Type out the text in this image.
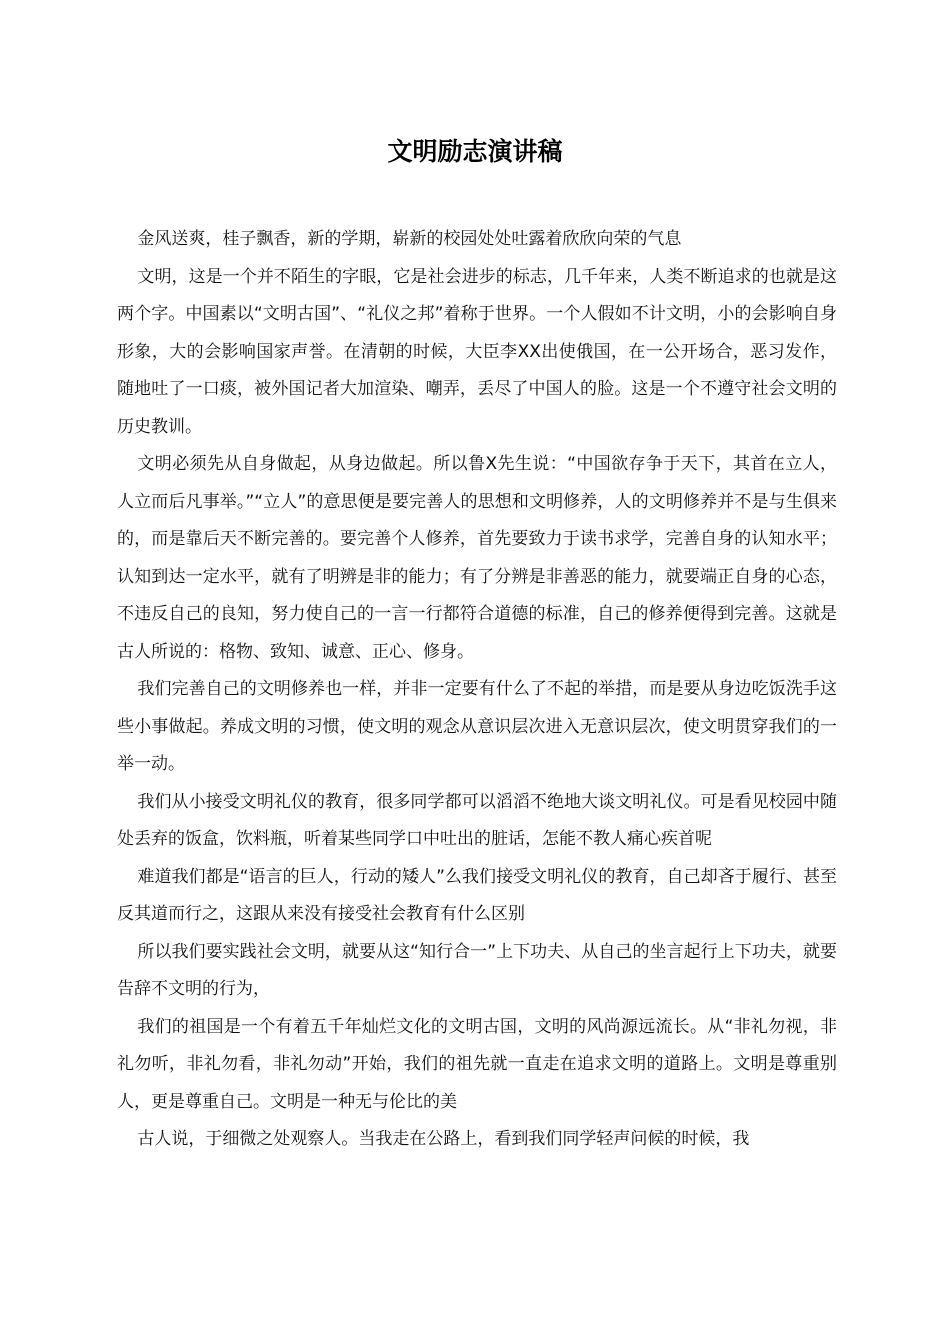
文明励志演讲稿

金风送爽，桂子飘香，新的学期，崭新的校园处处吐露着欣欣向荣的气息

文明，这是一个并不陌生的字眼，它是社会进步的标志，几千年来，人类不断追求的也就是这两个字。中国素以“文明古国”、“礼仪之邦”着称于世界。一个人假如不计文明，小的会影响自身形象，大的会影响国家声誉。在清朝的时候，大臣李XX出使俄国，在一公开场合，恶习发作，随地吐了一口痰，被外国记者大加渲染、嘲弄，丢尽了中国人的脸。这是一个不遵守社会文明的历史教训。

文明必须先从自身做起，从身边做起。所以鲁X先生说：“中国欲存争于天下，其首在立人，人立而后凡事举。”“立人”的意思便是要完善人的思想和文明修养，人的文明修养并不是与生俱来的，而是靠后天不断完善的。要完善个人修养，首先要致力于读书求学，完善自身的认知水平；认知到达一定水平，就有了明辨是非的能力；有了分辨是非善恶的能力，就要端正自身的心态，不违反自己的良知，努力使自己的一言一行都符合道德的标准，自己的修养便得到完善。这就是古人所说的：格物、致知、诚意、正心、修身。

我们完善自己的文明修养也一样，并非一定要有什么了不起的举措，而是要从身边吃饭洗手这些小事做起。养成文明的习惯，使文明的观念从意识层次进入无意识层次，使文明贯穿我们的一举一动。

我们从小接受文明礼仪的教育，很多同学都可以滔滔不绝地大谈文明礼仪。可是看见校园中随处丢弃的饭盒，饮料瓶，听着某些同学口中吐出的脏话，怎能不教人痛心疾首呢

难道我们都是“语言的巨人，行动的矮人”么我们接受文明礼仪的教育，自己却吝于履行、甚至反其道而行之，这跟从来没有接受社会教育有什么区别

所以我们要实践社会文明，就要从这“知行合一”上下功夫、从自己的坐言起行上下功夫，就要告辞不文明的行为，

我们的祖国是一个有着五千年灿烂文化的文明古国，文明的风尚源远流长。从“非礼勿视，非礼勿听，非礼勿看，非礼勿动”开始，我们的祖先就一直走在追求文明的道路上。文明是尊重别人，更是尊重自己。文明是一种无与伦比的美

古人说，于细微之处观察人。当我走在公路上，看到我们同学轻声问候的时候，我
